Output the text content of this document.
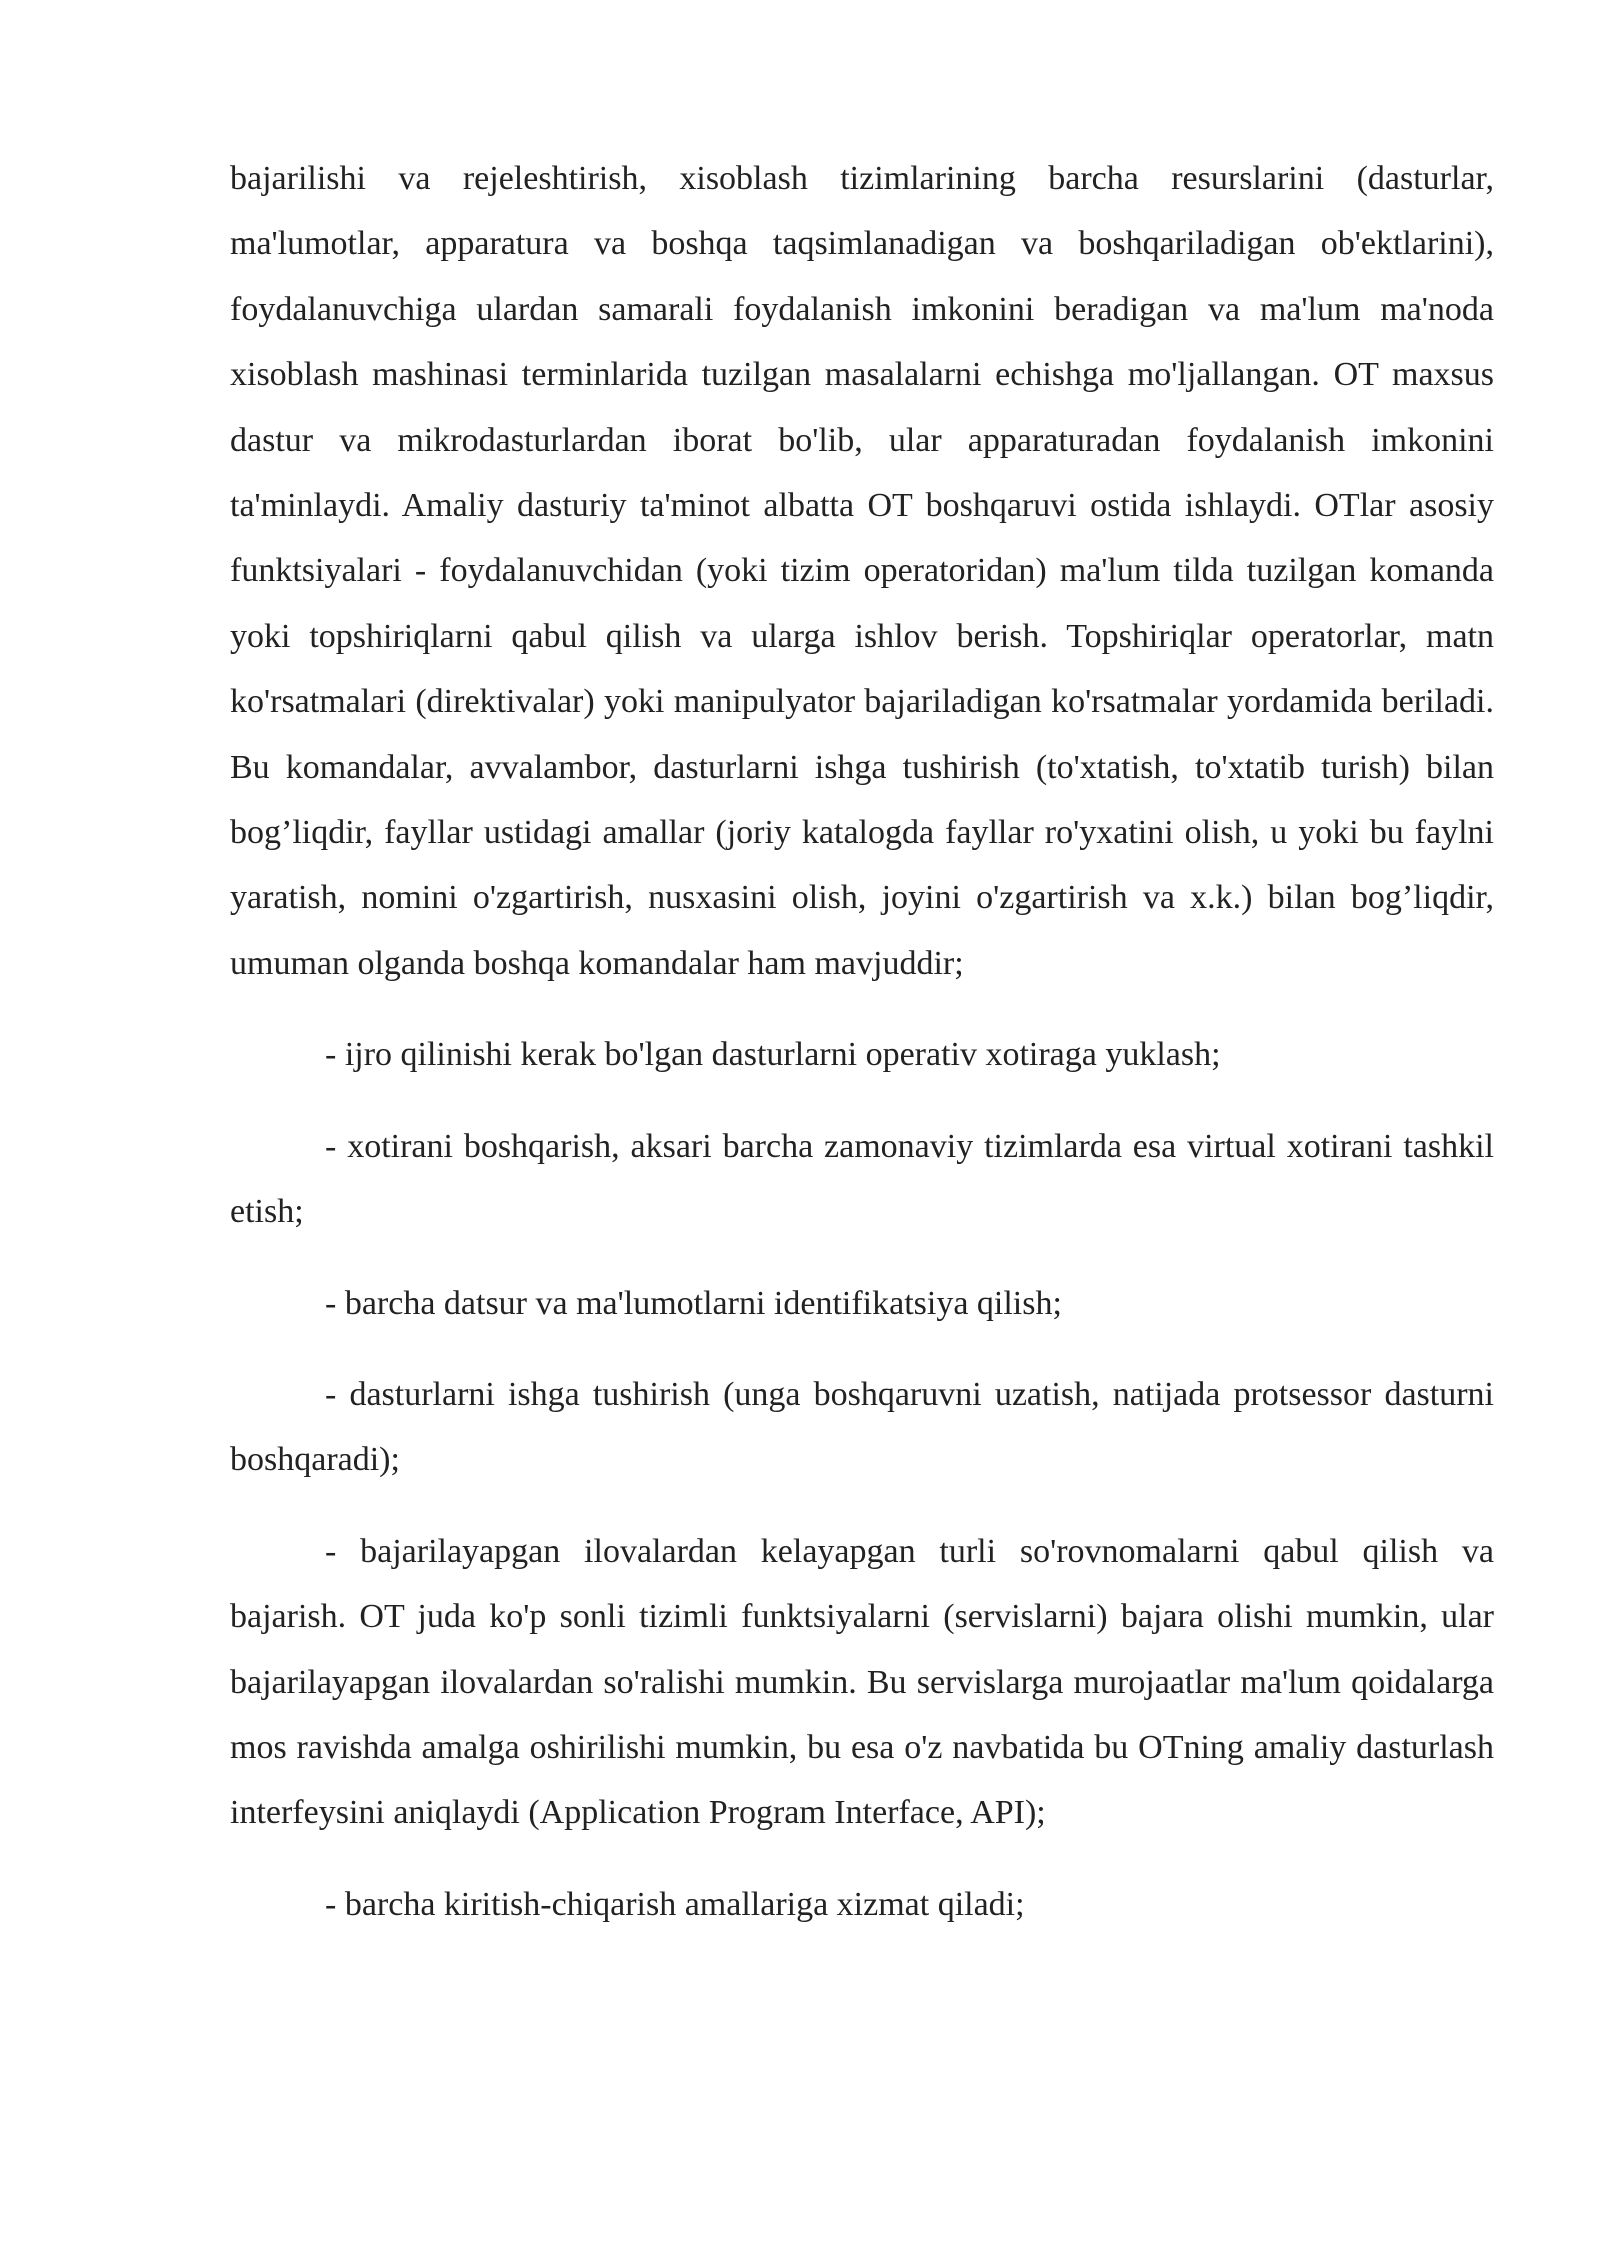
bajarilishi va rejeleshtirish, xisoblash tizimlarining barcha resurslarini (dasturlar, ma'lumotlar, apparatura va boshqa taqsimlanadigan va boshqariladigan ob'ektlarini), foydalanuvchiga ulardan samarali foydalanish imkonini beradigan va ma'lum ma'noda xisoblash mashinasi terminlarida tuzilgan masalalarni echishga mo'ljallangan. OT maxsus dastur va mikrodasturlardan iborat bo'lib, ular apparaturadan foydalanish imkonini ta'minlaydi. Amaliy dasturiy ta'minot albatta OT boshqaruvi ostida ishlaydi. OTlar asosiy funktsiyalari - foydalanuvchidan (yoki tizim operatoridan) ma'lum tilda tuzilgan komanda yoki topshiriqlarni qabul qilish va ularga ishlov berish. Topshiriqlar operatorlar, matn ko'rsatmalari (direktivalar) yoki manipulyator bajariladigan ko'rsatmalar yordamida beriladi. Bu komandalar, avvalambor, dasturlarni ishga tushirish (to'xtatish, to'xtatib turish) bilan bog’liqdir, fayllar ustidagi amallar (joriy katalogda fayllar ro'yxatini olish, u yoki bu faylni yaratish, nomini o'zgartirish, nusxasini olish, joyini o'zgartirish va x.k.) bilan bog’liqdir, umuman olganda boshqa komandalar ham mavjuddir;

- ijro qilinishi kerak bo'lgan dasturlarni operativ xotiraga yuklash;

- xotirani boshqarish, aksari barcha zamonaviy tizimlarda esa virtual xotirani tashkil etish;

- barcha datsur va ma'lumotlarni identifikatsiya qilish;

- dasturlarni ishga tushirish (unga boshqaruvni uzatish, natijada protsessor dasturni boshqaradi);

- bajarilayapgan ilovalardan kelayapgan turli so'rovnomalarni qabul qilish va bajarish. OT juda ko'p sonli tizimli funktsiyalarni (servislarni) bajara olishi mumkin, ular bajarilayapgan ilovalardan so'ralishi mumkin. Bu servislarga murojaatlar ma'lum qoidalarga mos ravishda amalga oshirilishi mumkin, bu esa o'z navbatida bu OTning amaliy dasturlash interfeysini aniqlaydi (Application Program Interface, API);

- barcha kiritish-chiqarish amallariga xizmat qiladi;
